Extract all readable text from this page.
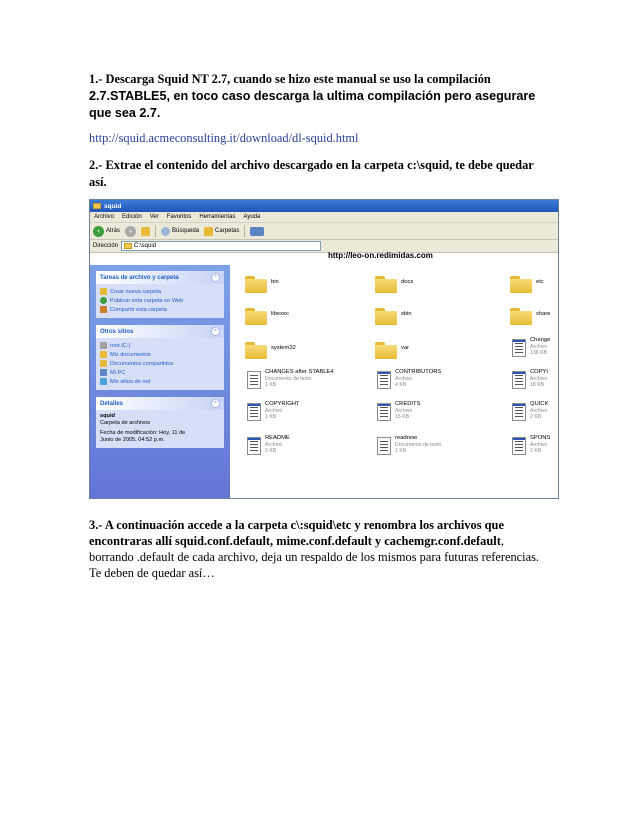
1.- Descarga Squid NT 2.7, cuando se hizo este manual se uso la compilación
2.7.STABLE5, en toco caso descarga la ultima compilación pero asegurare
que sea 2.7.
http://squid.acmeconsulting.it/download/dl-squid.html
2.- Extrae el contenido del archivo descargado en la carpeta c:\squid, te debe quedar
así.
squid
Archivo Edición Ver Favoritos Herramientas Ayuda
‹	Atrás	›	Búsqueda	Carpetas
Dirección	C:\squid
http://leo-on.redimidas.com
Tareas de archivo y carpeta	⌃
Crear nueva carpeta
Publicar esta carpeta en Web
Compartir esta carpeta
Otros sitios	⌃
root (C:)
Mis documentos
Documentos compartidos
Mi PC
Mis sitios de red
Detalles	⌃
squid
Carpeta de archivos
Fecha de modificación: Hoy, 11 de
Junio de 2005, 04:52 p.m.
bin	docs	etc
libexec	sbin	share
system32	var
Change
Archivo
136 KB
CHANGES after STABLE4
Documento de texto
1 KB
CONTRIBUTORS
Archivo
4 KB
COPYI
Archivo
18 KB
COPYRIGHT
Archivo
1 KB
CREDITS
Archivo
15 KB
QUICK
Archivo
2 KB
README
Archivo
2 KB
readnow
Documento de texto
1 KB
SPONS
Archivo
2 KB
3.- A continuación accede a la carpeta c\:squid\etc y renombra los archivos que
encontraras allí squid.conf.default, mime.conf.default y cachemgr.conf.default,
borrando .default de cada archivo, deja un respaldo de los mismos para futuras referencias.
Te deben de quedar así…
